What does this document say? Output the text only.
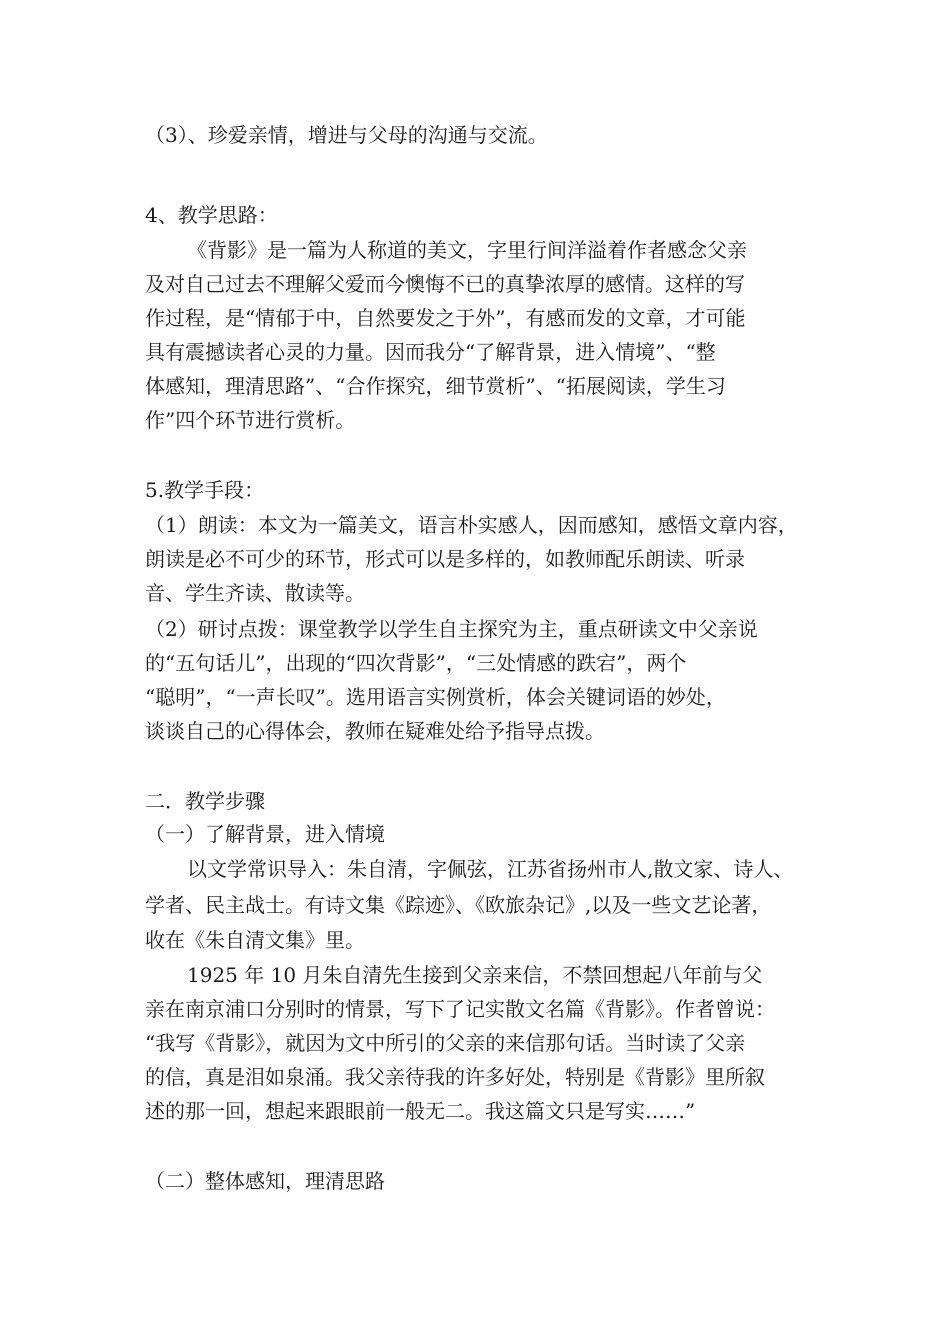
（3）、珍爱亲情，增进与父母的沟通与交流。

4、教学思路：

《背影》是一篇为人称道的美文，字里行间洋溢着作者感念父亲

及对自己过去不理解父爱而今懊悔不已的真挚浓厚的感情。这样的写

作过程，是“情郁于中，自然要发之于外”，有感而发的文章，才可能

具有震撼读者心灵的力量。因而我分“了解背景，进入情境”、“整

体感知，理清思路”、“合作探究，细节赏析”、“拓展阅读，学生习

作”四个环节进行赏析。

5.教学手段：

（1）朗读：本文为一篇美文，语言朴实感人，因而感知，感悟文章内容，

朗读是必不可少的环节，形式可以是多样的，如教师配乐朗读、听录

音、学生齐读、散读等。

（2）研讨点拨：课堂教学以学生自主探究为主，重点研读文中父亲说

的“五句话儿”，出现的“四次背影”，“三处情感的跌宕”，两个

“聪明”，“一声长叹”。选用语言实例赏析，体会关键词语的妙处，

谈谈自己的心得体会，教师在疑难处给予指导点拨。

二．教学步骤

（一）了解背景，进入情境

以文学常识导入：朱自清，字佩弦，江苏省扬州市人,散文家、诗人、

学者、民主战士。有诗文集《踪迹》、《欧旅杂记》,以及一些文艺论著，

收在《朱自清文集》里。

1925 年 10 月朱自清先生接到父亲来信，不禁回想起八年前与父

亲在南京浦口分别时的情景，写下了记实散文名篇《背影》。作者曾说：

“我写《背影》，就因为文中所引的父亲的来信那句话。当时读了父亲

的信，真是泪如泉涌。我父亲待我的许多好处，特别是《背影》里所叙

述的那一回，想起来跟眼前一般无二。我这篇文只是写实……”

（二）整体感知，理清思路
